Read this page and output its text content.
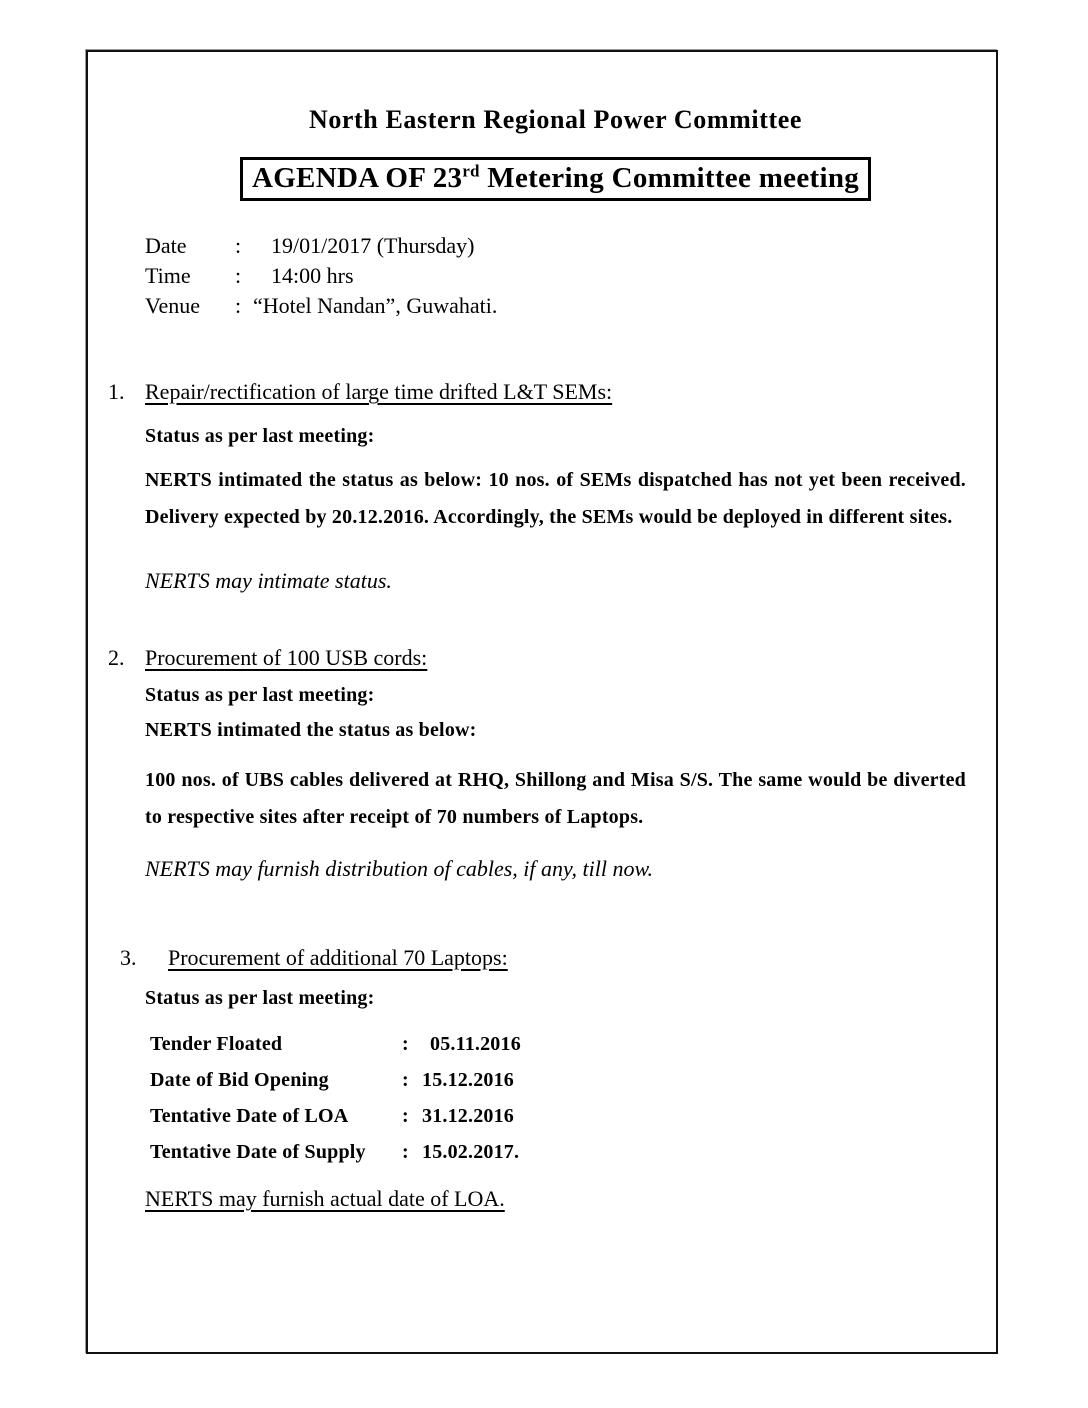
North Eastern Regional Power Committee
AGENDA OF 23rd Metering Committee meeting
Date	:	19/01/2017 (Thursday)
Time	:	14:00 hrs
Venue	: “Hotel Nandan”, Guwahati.
1. Repair/rectification of large time drifted L&T SEMs:

Status as per last meeting:

NERTS intimated the status as below: 10 nos. of SEMs dispatched has not yet been received. Delivery expected by 20.12.2016. Accordingly, the SEMs would be deployed in different sites.

NERTS may intimate status.

2. Procurement of 100 USB cords:

Status as per last meeting:

NERTS intimated the status as below:

100 nos. of UBS cables delivered at RHQ, Shillong and Misa S/S. The same would be diverted to respective sites after receipt of 70 numbers of Laptops.

NERTS may furnish distribution of cables, if any, till now.

3. Procurement of additional 70 Laptops:

Status as per last meeting:

Tender Floated	:	05.11.2016
Date of Bid Opening	: 15.12.2016
Tentative Date of LOA	: 31.12.2016
Tentative Date of Supply	: 15.02.2017.
NERTS may furnish actual date of LOA.
